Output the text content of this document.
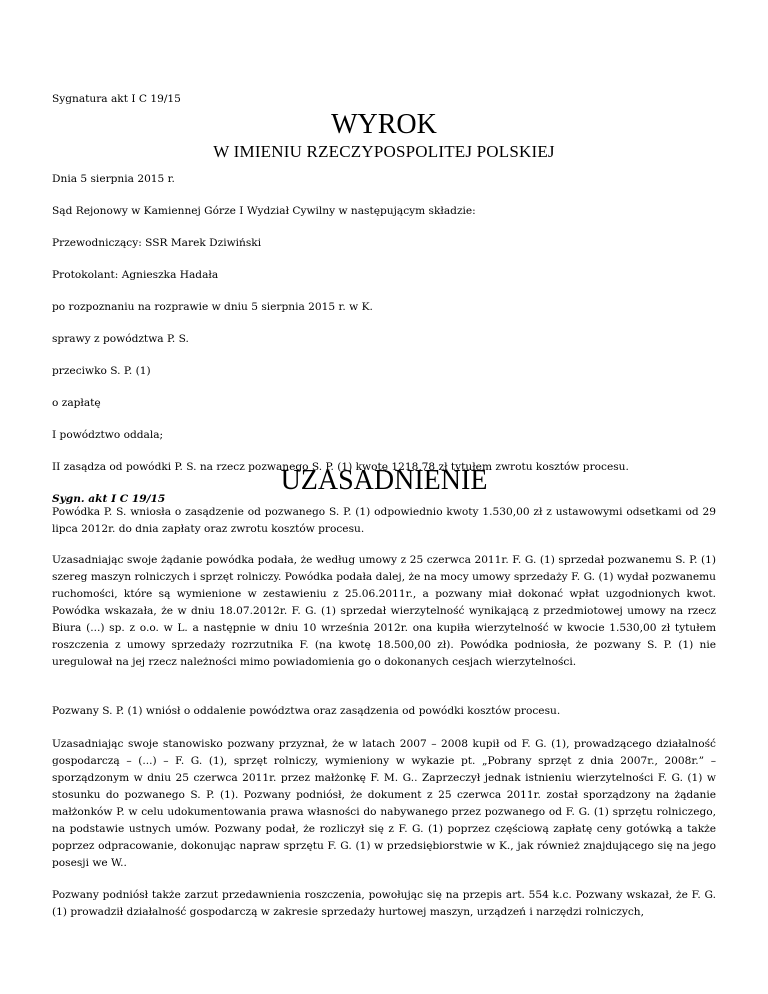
Sygnatura akt I C 19/15

WYROK
W IMIENIU RZECZYPOSPOLITEJ POLSKIEJ

Dnia 5 sierpnia 2015 r.

Sąd Rejonowy w Kamiennej Górze I Wydział Cywilny w następującym składzie:

Przewodniczący: SSR Marek Dziwiński

Protokolant: Agnieszka Hadała

po rozpoznaniu na rozprawie w dniu 5 sierpnia 2015 r. w K.

sprawy z powództwa P. S.

przeciwko S. P. (1)

o zapłatę

I powództwo oddala;

II zasądza od powódki P. S. na rzecz pozwanego S. P. (1) kwotę 1218,78 zł tytułem zwrotu kosztów procesu.

Sygn. akt I C 19/15

UZASADNIENIE

Powódka P. S. wniosła o zasądzenie od pozwanego S. P. (1) odpowiednio kwoty 1.530,00 zł z ustawowymi odsetkami od 29 lipca 2012r. do dnia zapłaty oraz zwrotu kosztów procesu.

Uzasadniając swoje żądanie powódka podała, że według umowy z 25 czerwca 2011r. F. G. (1) sprzedał pozwanemu S. P. (1) szereg maszyn rolniczych i sprzęt rolniczy. Powódka podała dalej, że na mocy umowy sprzedaży F. G. (1) wydał pozwanemu ruchomości, które są wymienione w zestawieniu z 25.06.2011r., a pozwany miał dokonać wpłat uzgodnionych kwot. Powódka wskazała, że w dniu 18.07.2012r. F. G. (1) sprzedał wierzytelność wynikającą z przedmiotowej umowy na rzecz Biura (...) sp. z o.o. w L. a następnie w dniu 10 września 2012r. ona kupiła wierzytelność w kwocie 1.530,00 zł tytułem roszczenia z umowy sprzedaży rozrzutnika F. (na kwotę 18.500,00 zł). Powódka podniosła, że pozwany S. P. (1) nie uregulował na jej rzecz należności mimo powiadomienia go o dokonanych cesjach wierzytelności.

Pozwany S. P. (1) wniósł o oddalenie powództwa oraz zasądzenia od powódki kosztów procesu.

Uzasadniając swoje stanowisko pozwany przyznał, że w latach 2007 – 2008 kupił od F. G. (1), prowadzącego działalność gospodarczą – (...) – F. G. (1), sprzęt rolniczy, wymieniony w wykazie pt. „Pobrany sprzęt z dnia 2007r., 2008r.” – sporządzonym w dniu 25 czerwca 2011r. przez małżonkę F. M. G.. Zaprzeczył jednak istnieniu wierzytelności F. G. (1) w stosunku do pozwanego S. P. (1). Pozwany podniósł, że dokument z 25 czerwca 2011r. został sporządzony na żądanie małżonków P. w celu udokumentowania prawa własności do nabywanego przez pozwanego od F. G. (1) sprzętu rolniczego, na podstawie ustnych umów. Pozwany podał, że rozliczył się z F. G. (1) poprzez częściową zapłatę ceny gotówką a także poprzez odpracowanie, dokonując napraw sprzętu F. G. (1) w przedsiębiorstwie w K., jak również znajdującego się na jego posesji we W..

Pozwany podniósł także zarzut przedawnienia roszczenia, powołując się na przepis art. 554 k.c. Pozwany wskazał, że F. G. (1) prowadził działalność gospodarczą w zakresie sprzedaży hurtowej maszyn, urządzeń i narzędzi rolniczych,
